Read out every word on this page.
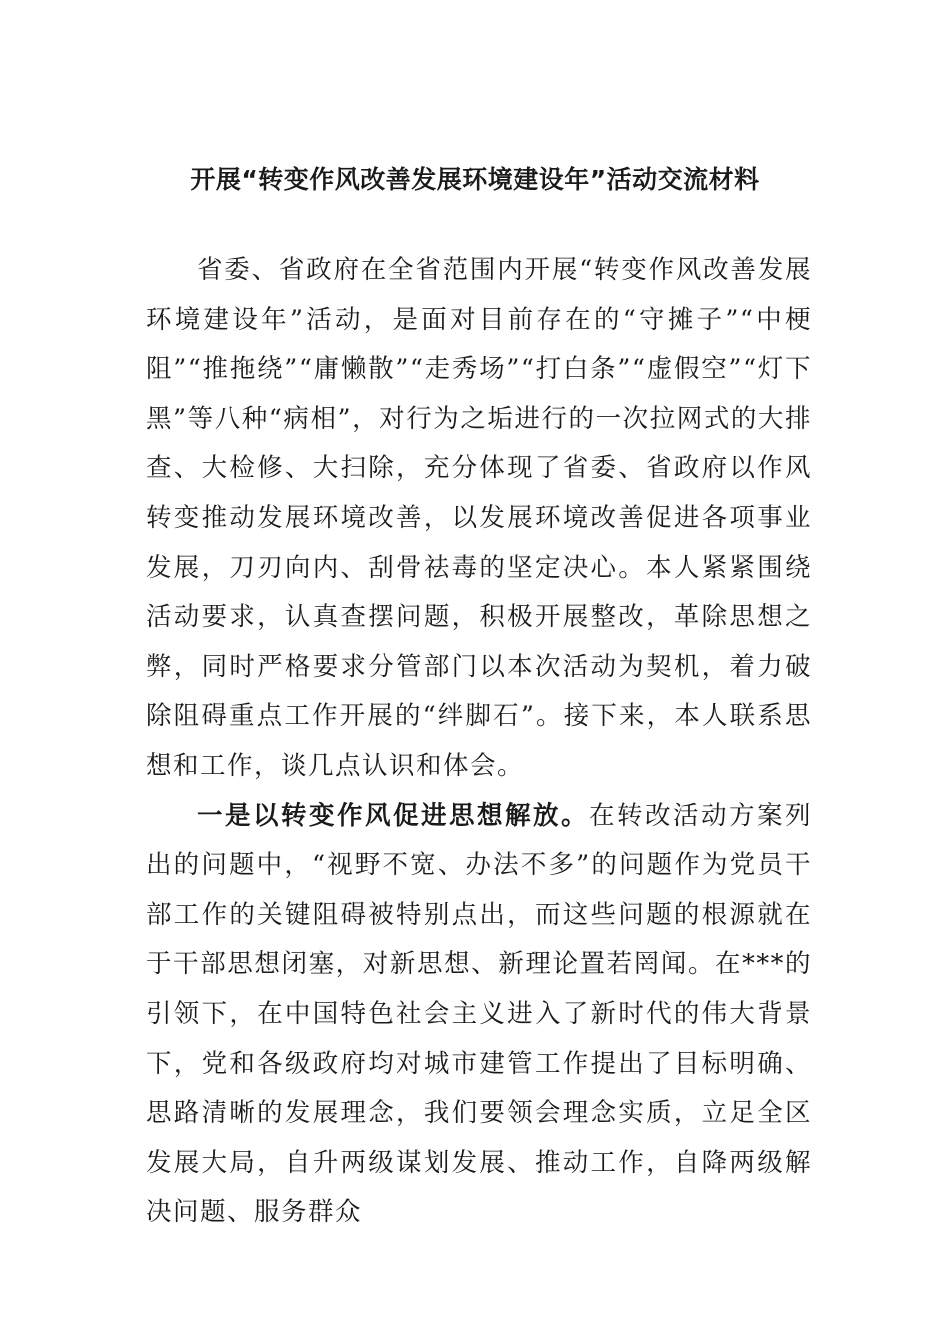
开展“转变作风改善发展环境建设年”活动交流材料

省委、省政府在全省范围内开展“转变作风改善发展环境建设年”活动，是面对目前存在的“守摊子”“中梗阻”“推拖绕”“庸懒散”“走秀场”“打白条”“虚假空”“灯下黑”等八种“病相”，对行为之垢进行的一次拉网式的大排查、大检修、大扫除，充分体现了省委、省政府以作风转变推动发展环境改善，以发展环境改善促进各项事业发展，刀刃向内、刮骨祛毒的坚定决心。本人紧紧围绕活动要求，认真查摆问题，积极开展整改，革除思想之弊，同时严格要求分管部门以本次活动为契机，着力破除阻碍重点工作开展的“绊脚石”。接下来，本人联系思想和工作，谈几点认识和体会。

一是以转变作风促进思想解放。在转改活动方案列出的问题中，“视野不宽、办法不多”的问题作为党员干部工作的关键阻碍被特别点出，而这些问题的根源就在于干部思想闭塞，对新思想、新理论置若罔闻。在***的引领下，在中国特色社会主义进入了新时代的伟大背景下，党和各级政府均对城市建管工作提出了目标明确、思路清晰的发展理念，我们要领会理念实质，立足全区发展大局，自升两级谋划发展、推动工作，自降两级解决问题、服务群众
